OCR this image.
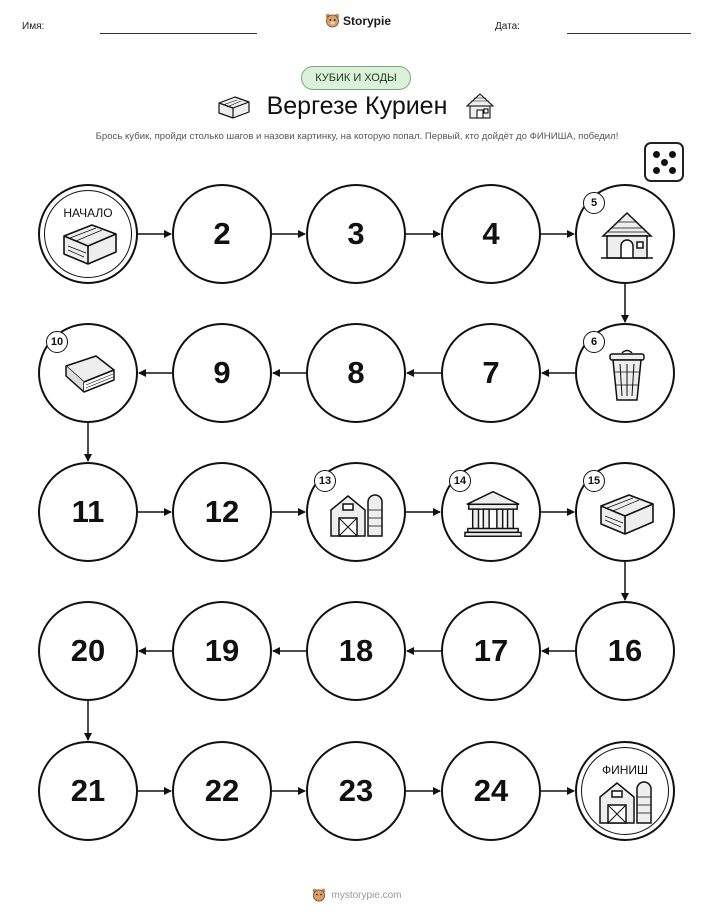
Имя:	Storypie	Дата:
КУБИК И ХОДЫ
Вергезе Куриен
Брось кубик, пройди столько шагов и назови картинку, на которую попал. Первый, кто дойдёт до ФИНИША, победил!
НАЧАЛО
2	3	4
5
6
7
8
9
10
11	12
13	14	15
16
17
18
19
20
21	22	23	24
ФИНИШ
mystorypie.com
